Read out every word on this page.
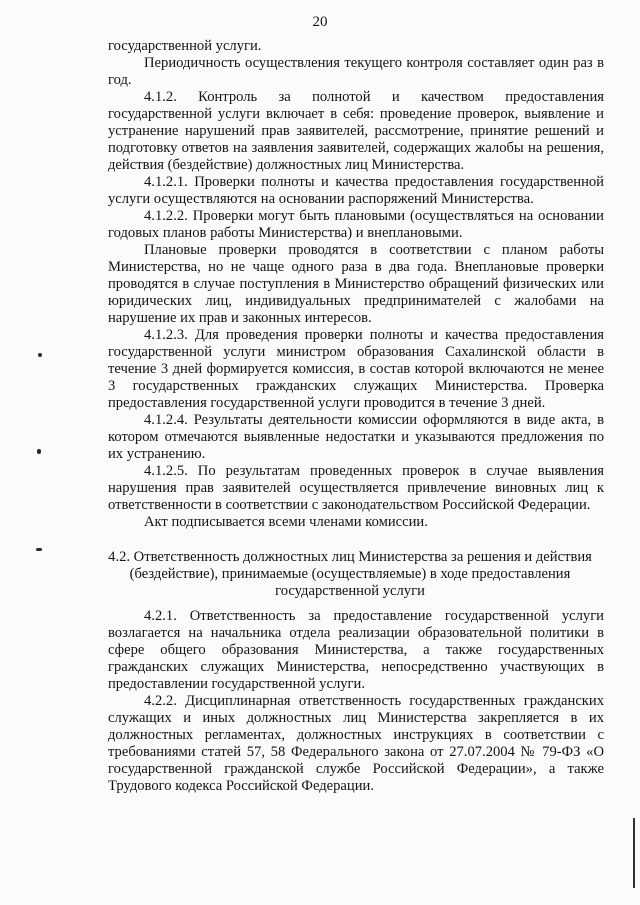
20

государственной услуги.

Периодичность осуществления текущего контроля составляет один раз в год.

4.1.2. Контроль за полнотой и качеством предоставления государственной услуги включает в себя: проведение проверок, выявление и устранение нарушений прав заявителей, рассмотрение, принятие решений и подготовку ответов на заявления заявителей, содержащих жалобы на решения, действия (бездействие) должностных лиц Министерства.

4.1.2.1. Проверки полноты и качества предоставления государственной услуги осуществляются на основании распоряжений Министерства.

4.1.2.2. Проверки могут быть плановыми (осуществляться на основании годовых планов работы Министерства) и внеплановыми.

Плановые проверки проводятся в соответствии с планом работы Министерства, но не чаще одного раза в два года. Внеплановые проверки проводятся в случае поступления в Министерство обращений физических или юридических лиц, индивидуальных предпринимателей с жалобами на нарушение их прав и законных интересов.

4.1.2.3. Для проведения проверки полноты и качества предоставления государственной услуги министром образования Сахалинской области в течение 3 дней формируется комиссия, в состав которой включаются не менее 3 государственных гражданских служащих Министерства. Проверка предоставления государственной услуги проводится в течение 3 дней.

4.1.2.4. Результаты деятельности комиссии оформляются в виде акта, в котором отмечаются выявленные недостатки и указываются предложения по их устранению.

4.1.2.5. По результатам проведенных проверок в случае выявления нарушения прав заявителей осуществляется привлечение виновных лиц к ответственности в соответствии с законодательством Российской Федерации.

Акт подписывается всеми членами комиссии.

4.2. Ответственность должностных лиц Министерства за решения и действия (бездействие), принимаемые (осуществляемые) в ходе предоставления государственной услуги

4.2.1. Ответственность за предоставление государственной услуги возлагается на начальника отдела реализации образовательной политики в сфере общего образования Министерства, а также государственных гражданских служащих Министерства, непосредственно участвующих в предоставлении государственной услуги.

4.2.2. Дисциплинарная ответственность государственных гражданских служащих и иных должностных лиц Министерства закрепляется в их должностных регламентах, должностных инструкциях в соответствии с требованиями статей 57, 58 Федерального закона от 27.07.2004 № 79-ФЗ «О государственной гражданской службе Российской Федерации», а также Трудового кодекса Российской Федерации.
